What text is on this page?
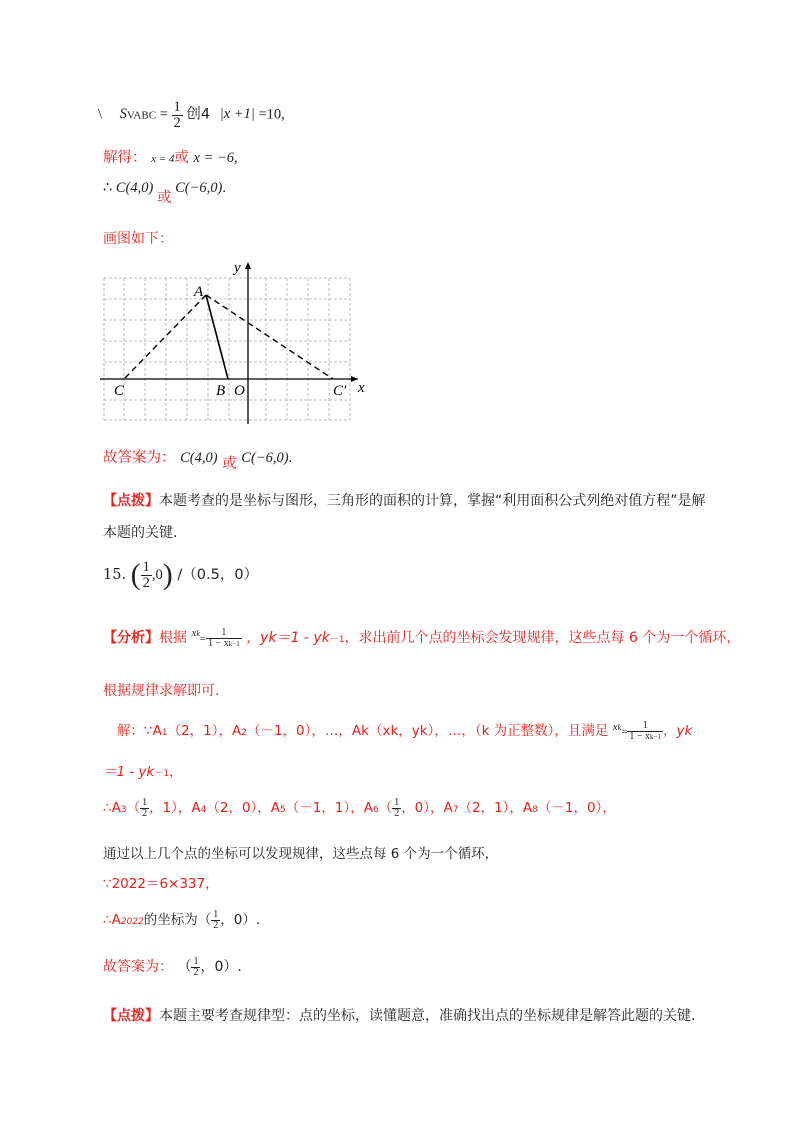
\ SVABC = $\frac{1}{2}$ 创4 |x +1| =10,
解得： x = 4或 x = −6,
∴ C(4,0) 或 C(−6,0).
画图如下：
y
x
A
B O
C	C′
故答案为： C(4,0) 或 C(−6,0).
【点拨】本题考查的是坐标与图形，三角形的面积的计算，掌握“利用面积公式列绝对值方程”是解
本题的关键.
15. ( $\frac{1}{2} ,0$) /（0.5，0）
【分析】根据 $^{xk}= \frac{1}{1 - xk-1}$ ，yk＝1 - yk－1，求出前几个点的坐标会发现规律，这些点每 6 个为一个循环，
根据规律求解即可.
解：∵A1（2，1），A2（－1，0），…，Ak（xk，yk），…，（k 为正整数），且满足 $^{xk}= \frac{1}{1 - xk-1}$ ，yk
＝1 - yk－1，
∴A3（ $\frac{1}{2}$ ，1），A4（2，0），A5（－1，1），$A6( \frac{1}{2}$ ，0），A7（2，1），A8（－1，0），
通过以上几个点的坐标可以发现规律，这些点每 6 个为一个循环，
∵2022＝6×337，
∴A2022的坐标为（ $\frac{1}{2}$ ，0）.
故答案为： （ $\frac{1}{2}$ ，0）.
【点拨】本题主要考查规律型：点的坐标，读懂题意，准确找出点的坐标规律是解答此题的关键.
